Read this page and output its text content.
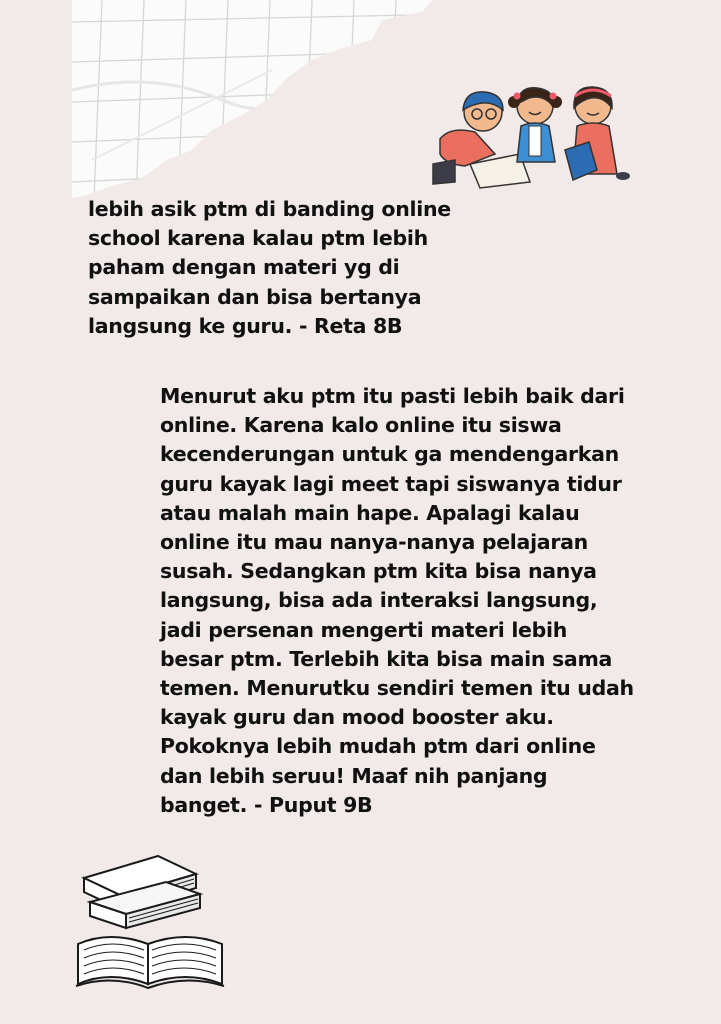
lebih asik ptm di banding online
school karena kalau ptm lebih
paham dengan materi yg di
sampaikan dan bisa bertanya
langsung ke guru. - Reta 8B

Menurut aku ptm itu pasti lebih baik dari
online. Karena kalo online itu siswa
kecenderungan untuk ga mendengarkan
guru kayak lagi meet tapi siswanya tidur
atau malah main hape. Apalagi kalau
online itu mau nanya-nanya pelajaran
susah. Sedangkan ptm kita bisa nanya
langsung, bisa ada interaksi langsung,
jadi persenan mengerti materi lebih
besar ptm. Terlebih kita bisa main sama
temen. Menurutku sendiri temen itu udah
kayak guru dan mood booster aku.
Pokoknya lebih mudah ptm dari online
dan lebih seruu! Maaf nih panjang
banget. - Puput 9B
